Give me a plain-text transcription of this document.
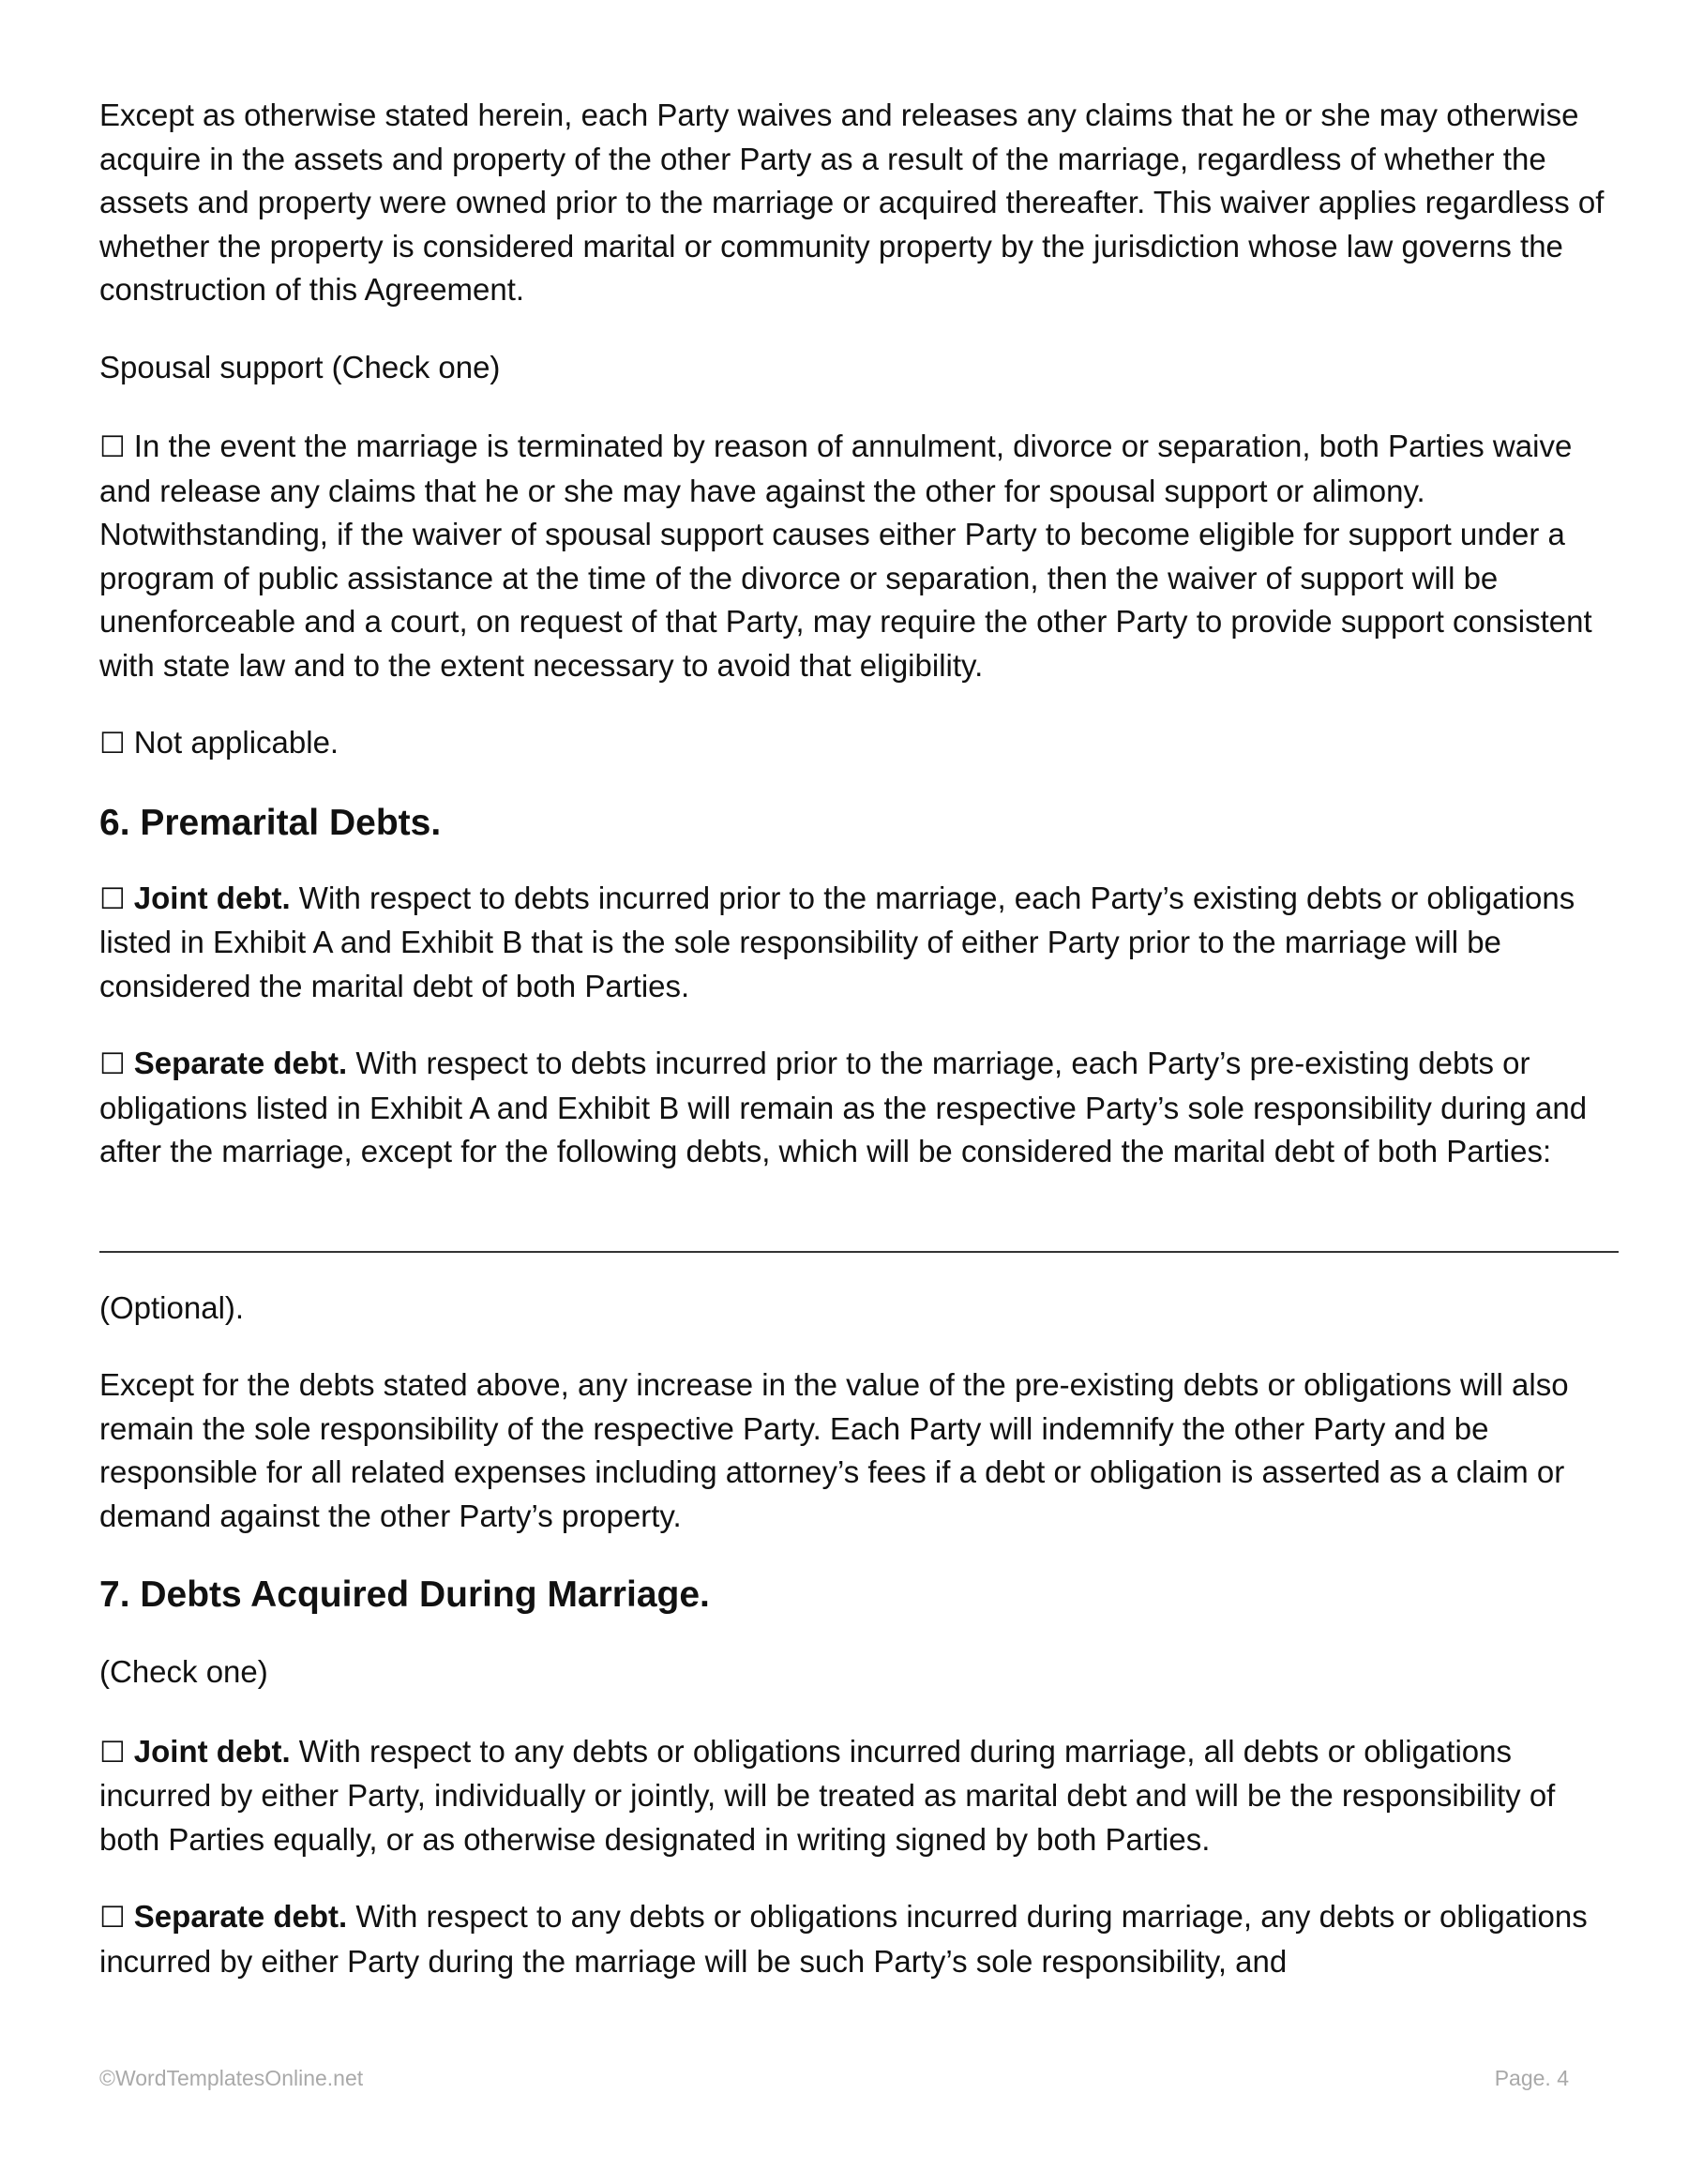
Except as otherwise stated herein, each Party waives and releases any claims that he or she may otherwise acquire in the assets and property of the other Party as a result of the marriage, regardless of whether the assets and property were owned prior to the marriage or acquired thereafter. This waiver applies regardless of whether the property is considered marital or community property by the jurisdiction whose law governs the construction of this Agreement.

Spousal support (Check one)

☐ In the event the marriage is terminated by reason of annulment, divorce or separation, both Parties waive and release any claims that he or she may have against the other for spousal support or alimony. Notwithstanding, if the waiver of spousal support causes either Party to become eligible for support under a program of public assistance at the time of the divorce or separation, then the waiver of support will be unenforceable and a court, on request of that Party, may require the other Party to provide support consistent with state law and to the extent necessary to avoid that eligibility.

☐ Not applicable.

6. Premarital Debts.

☐ Joint debt. With respect to debts incurred prior to the marriage, each Party’s existing debts or obligations listed in Exhibit A and Exhibit B that is the sole responsibility of either Party prior to the marriage will be considered the marital debt of both Parties.

☐ Separate debt. With respect to debts incurred prior to the marriage, each Party’s pre-existing debts or obligations listed in Exhibit A and Exhibit B will remain as the respective Party’s sole responsibility during and after the marriage, except for the following debts, which will be considered the marital debt of both Parties:

(Optional).

Except for the debts stated above, any increase in the value of the pre-existing debts or obligations will also remain the sole responsibility of the respective Party. Each Party will indemnify the other Party and be responsible for all related expenses including attorney’s fees if a debt or obligation is asserted as a claim or demand against the other Party’s property.

7. Debts Acquired During Marriage.

(Check one)

☐ Joint debt. With respect to any debts or obligations incurred during marriage, all debts or obligations incurred by either Party, individually or jointly, will be treated as marital debt and will be the responsibility of both Parties equally, or as otherwise designated in writing signed by both Parties.

☐ Separate debt. With respect to any debts or obligations incurred during marriage, any debts or obligations incurred by either Party during the marriage will be such Party’s sole responsibility, and

©WordTemplatesOnline.net	Page. 4
